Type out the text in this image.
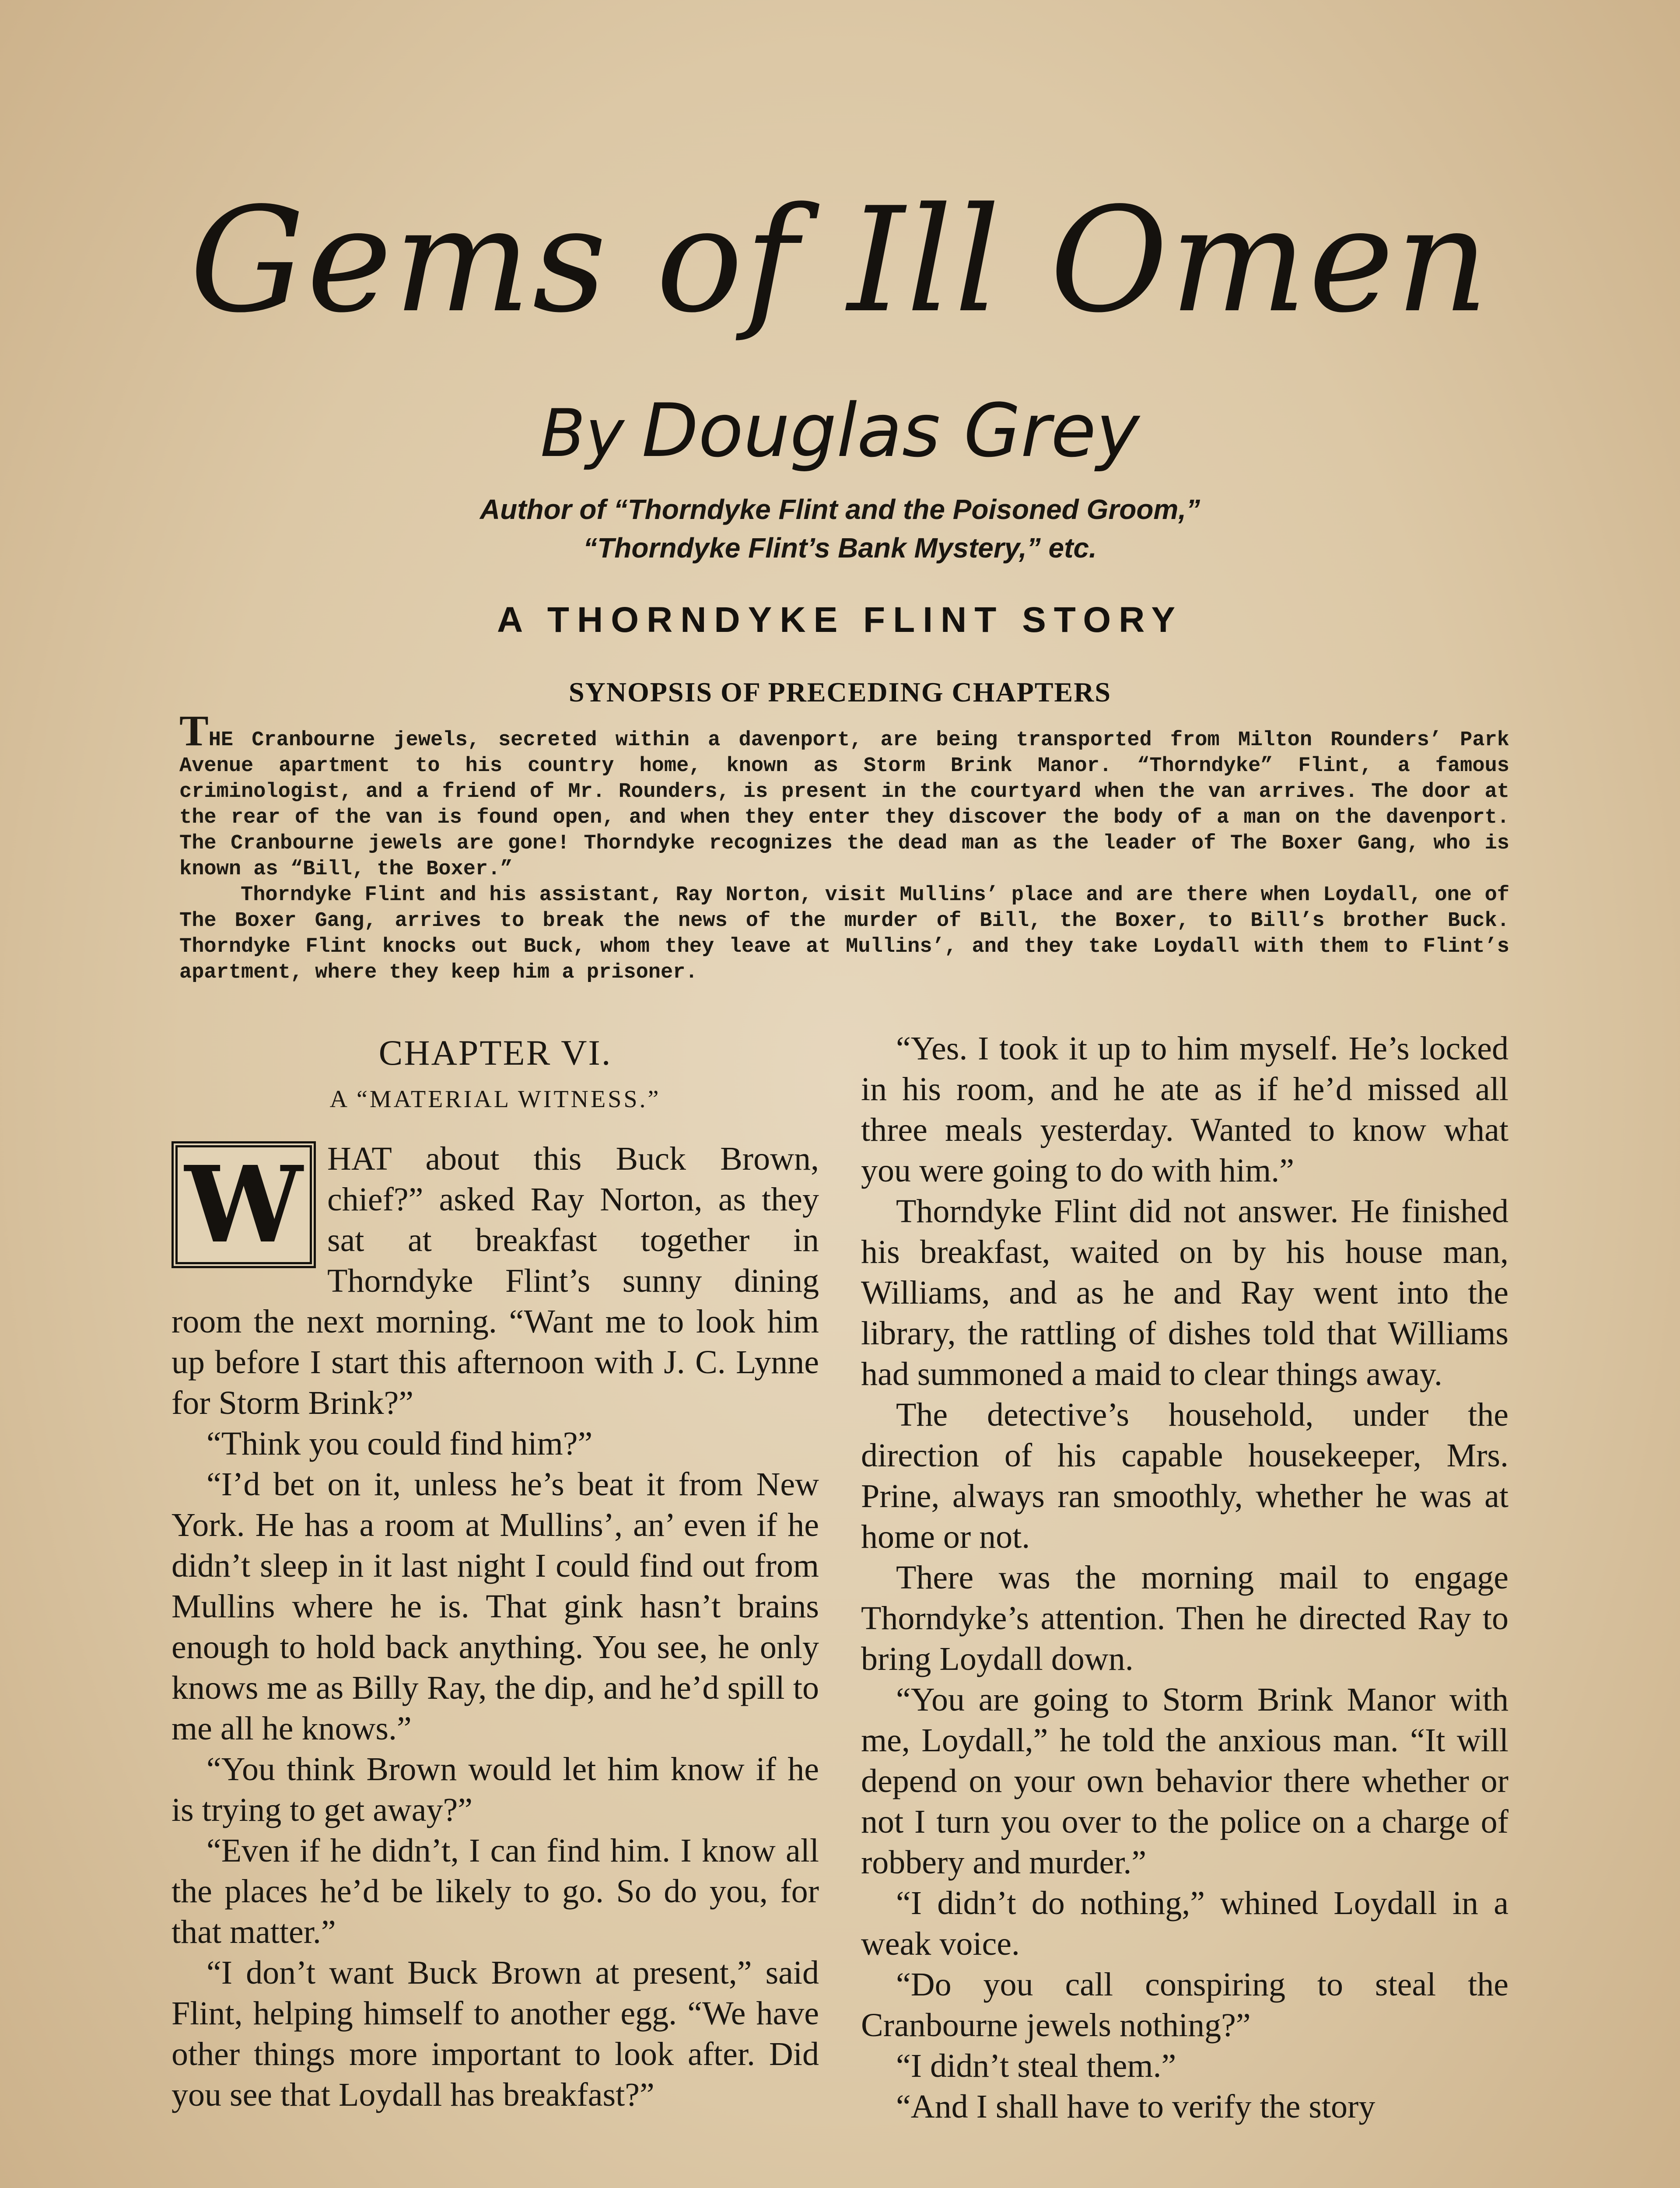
Gems of Ill Omen
By Douglas Grey
Author of “Thorndyke Flint and the Poisoned Groom,”
“Thorndyke Flint’s Bank Mystery,” etc.
A THORNDYKE FLINT STORY
SYNOPSIS OF PRECEDING CHAPTERS

THE Cranbourne jewels, secreted within a davenport, are being transported from Milton Rounders’ Park Avenue apartment to his country home, known as Storm Brink Manor. “Thorndyke” Flint, a famous criminologist, and a friend of Mr. Rounders, is present in the courtyard when the van arrives. The door at the rear of the van is found open, and when they enter they discover the body of a man on the davenport. The Cranbourne jewels are gone! Thorndyke recognizes the dead man as the leader of The Boxer Gang, who is known as “Bill, the Boxer.”

Thorndyke Flint and his assistant, Ray Norton, visit Mullins’ place and are there when Loydall, one of The Boxer Gang, arrives to break the news of the murder of Bill, the Boxer, to Bill’s brother Buck. Thorndyke Flint knocks out Buck, whom they leave at Mullins’, and they take Loydall with them to Flint’s apartment, where they keep him a prisoner.

CHAPTER VI.
A “MATERIAL WITNESS.”
W HAT about this Buck Brown, chief?” asked Ray Norton, as they sat at breakfast together in Thorndyke Flint’s sunny dining room the next morning. “Want me to look him up before I start this afternoon with J. C. Lynne for Storm Brink?”

“Think you could find him?”

“I’d bet on it, unless he’s beat it from New York. He has a room at Mullins’, an’ even if he didn’t sleep in it last night I could find out from Mullins where he is. That gink hasn’t brains enough to hold back anything. You see, he only knows me as Billy Ray, the dip, and he’d spill to me all he knows.”

“You think Brown would let him know if he is trying to get away?”

“Even if he didn’t, I can find him. I know all the places he’d be likely to go. So do you, for that matter.”

“I don’t want Buck Brown at present,” said Flint, helping himself to another egg. “We have other things more important to look after. Did you see that Loydall has breakfast?”

“Yes. I took it up to him myself. He’s locked in his room, and he ate as if he’d missed all three meals yesterday. Wanted to know what you were going to do with him.”

Thorndyke Flint did not answer. He finished his breakfast, waited on by his house man, Williams, and as he and Ray went into the library, the rattling of dishes told that Williams had summoned a maid to clear things away.

The detective’s household, under the direction of his capable housekeeper, Mrs. Prine, always ran smoothly, whether he was at home or not.

There was the morning mail to engage Thorndyke’s attention. Then he directed Ray to bring Loydall down.

“You are going to Storm Brink Manor with me, Loydall,” he told the anxious man. “It will depend on your own behavior there whether or not I turn you over to the police on a charge of robbery and murder.”

“I didn’t do nothing,” whined Loydall in a weak voice.

“Do you call conspiring to steal the Cranbourne jewels nothing?”

“I didn’t steal them.”

“And I shall have to verify the story
